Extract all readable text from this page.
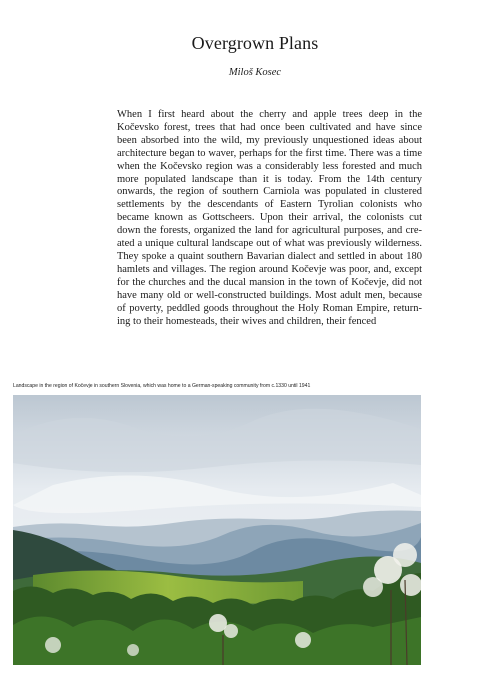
Overgrown Plans
Miloš Kosec
When I first heard about the cherry and apple trees deep in the Kočevsko forest, trees that had once been cultivated and have since been absorbed into the wild, my previously unquestioned ideas about architecture began to waver, perhaps for the first time. There was a time when the Kočevsko region was a considerably less forested and much more populated landscape than it is today. From the 14th century onwards, the region of southern Carniola was populated in clustered settlements by the descendants of Eastern Tyrolian colonists who became known as Gottscheers. Upon their arrival, the colonists cut down the forests, organized the land for agricultural purposes, and created a unique cultural landscape out of what was previously wilderness. They spoke a quaint southern Bavarian dialect and settled in about 180 hamlets and villages. The region around Kočevje was poor, and, except for the churches and the ducal mansion in the town of Kočevje, did not have many old or well-constructed buildings. Most adult men, because of poverty, peddled goods throughout the Holy Roman Empire, returning to their homesteads, their wives and children, their fenced
Landscape in the region of Kočevje in southern Slovenia, which was home to a German-speaking community from c.1330 until 1941
